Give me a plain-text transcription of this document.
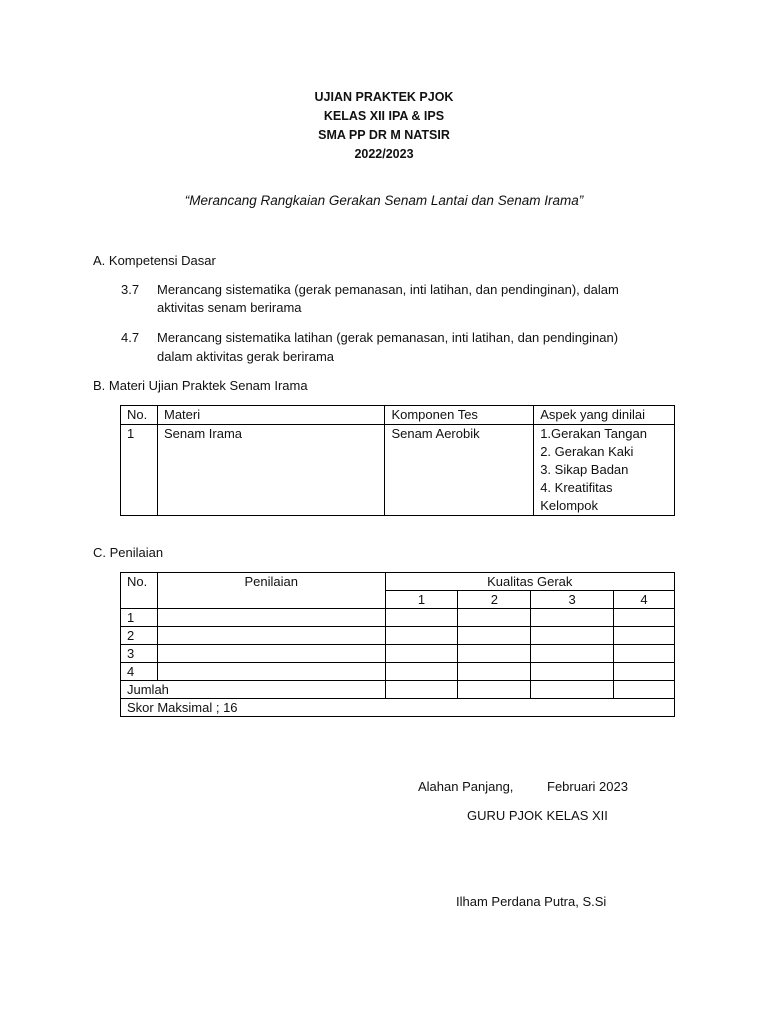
UJIAN PRAKTEK PJOK
KELAS XII IPA & IPS
SMA PP DR M NATSIR
2022/2023
“Merancang Rangkaian Gerakan Senam Lantai dan Senam Irama”
A. Kompetensi Dasar
3.7 Merancang sistematika (gerak pemanasan, inti latihan, dan pendinginan), dalam
aktivitas senam berirama
4.7 Merancang sistematika latihan (gerak pemanasan, inti latihan, dan pendinginan)
dalam aktivitas gerak berirama
B. Materi Ujian Praktek Senam Irama
No.	Materi	Komponen Tes	Aspek yang dinilai
1	Senam Irama	Senam Aerobik	1.Gerakan Tangan
2. Gerakan Kaki
3. Sikap Badan
4. Kreatifitas
Kelompok
C. Penilaian
No.	Penilaian	Kualitas Gerak			
		1	2	3	4
1					
2					
3					
4					
Jumlah					
Skor Maksimal ; 16					
Alahan Panjang,	Februari 2023
GURU PJOK KELAS XII
Ilham Perdana Putra, S.Si
